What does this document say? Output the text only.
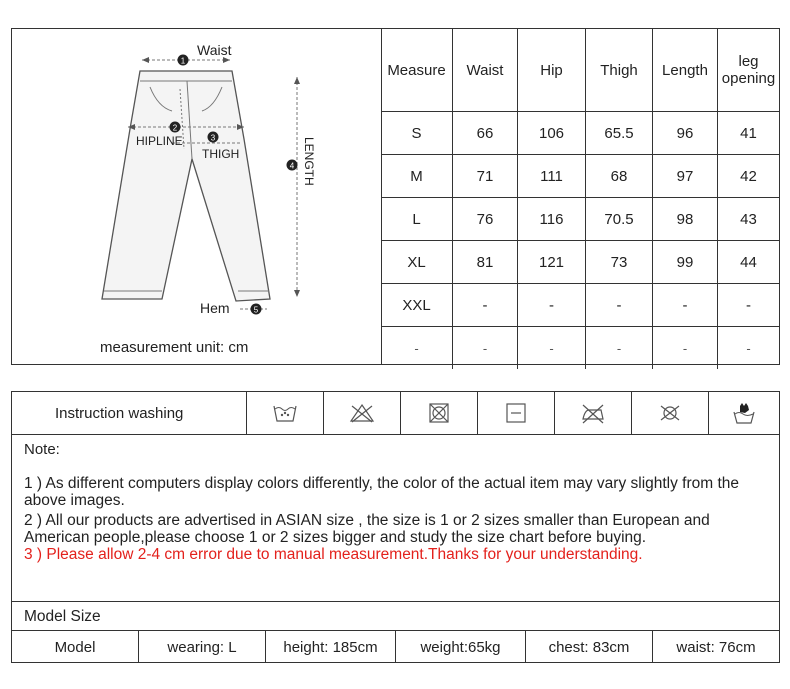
1
2
3
4
5
Waist
HIPLINE
THIGH	LENGTH
Hem
measurement unit: cm
Measure	Waist	Hip	Thigh	Length	leg opening
S	66	106	65.5	96	41
M	71	111	68	97	42
L	76	116	70.5	98	43
XL	81	121	73	99	44
XXL	-	-	-	-	-
-	-	-	-	-	-
Instruction washing
Note:
1 ) As different computers display colors differently, the color of the actual item may vary slightly from the above images.
2 ) All our products are advertised in ASIAN size , the size is 1 or 2 sizes smaller than European and American people,please choose 1 or 2 sizes bigger and study the size chart before buying.
3 ) Please allow 2-4 cm error due to manual measurement.Thanks for your understanding.
Model Size
Model	wearing: L	height: 185cm	weight:65kg	chest: 83cm	waist: 76cm
